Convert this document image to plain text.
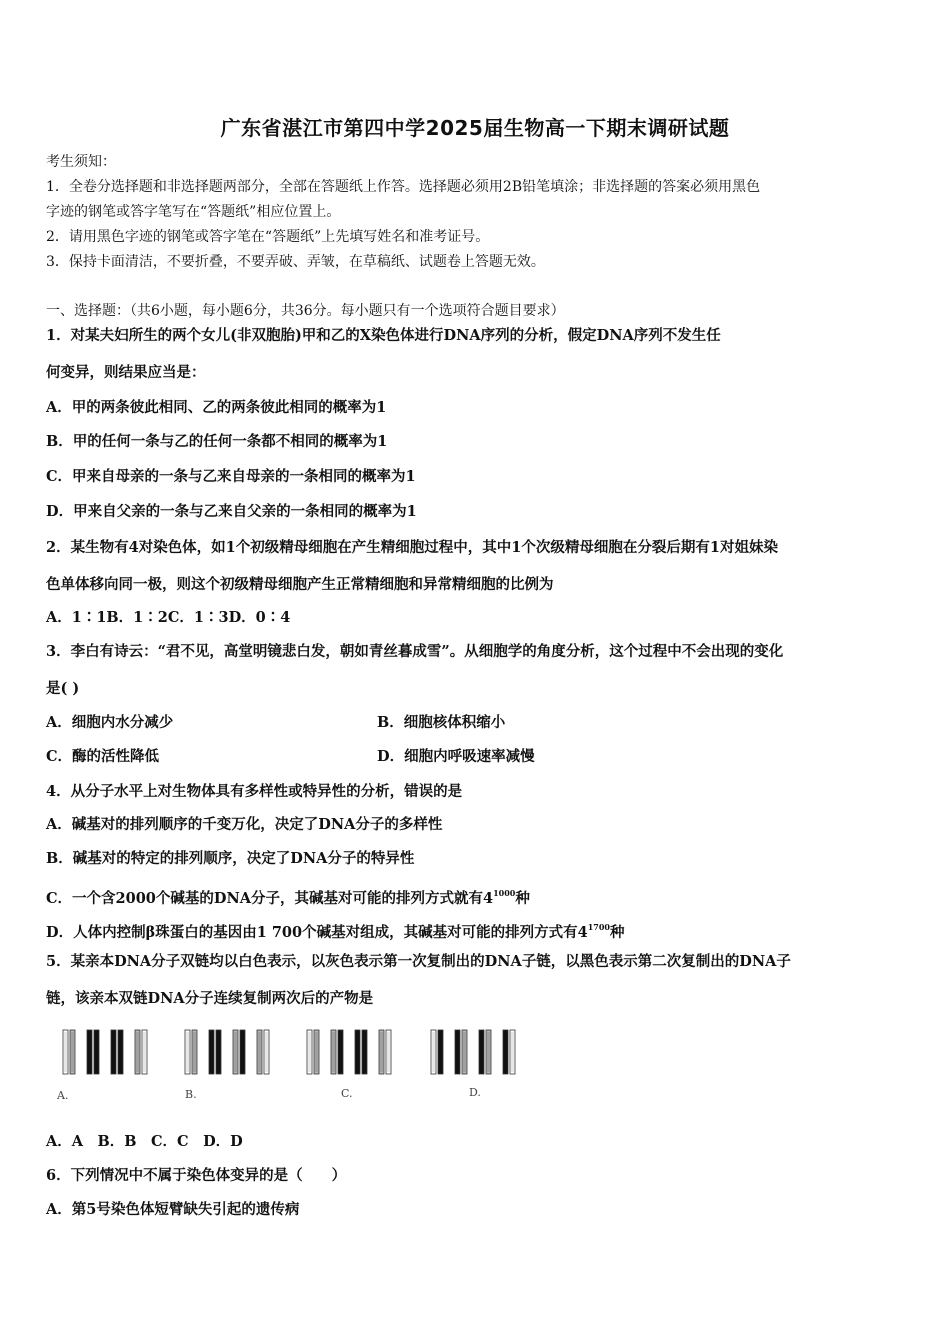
广东省湛江市第四中学2025届生物高一下期末调研试题
考生须知：
1．全卷分选择题和非选择题两部分，全部在答题纸上作答。选择题必须用2B铅笔填涂；非选择题的答案必须用黑色
字迹的钢笔或答字笔写在“答题纸”相应位置上。
2．请用黑色字迹的钢笔或答字笔在“答题纸”上先填写姓名和准考证号。
3．保持卡面清洁，不要折叠，不要弄破、弄皱，在草稿纸、试题卷上答题无效。
一、选择题：（共6小题，每小题6分，共36分。每小题只有一个选项符合题目要求）
1．对某夫妇所生的两个女儿(非双胞胎)甲和乙的X染色体进行DNA序列的分析，假定DNA序列不发生任
何变异，则结果应当是：
A．甲的两条彼此相同、乙的两条彼此相同的概率为1
B．甲的任何一条与乙的任何一条都不相同的概率为1
C．甲来自母亲的一条与乙来自母亲的一条相同的概率为1
D．甲来自父亲的一条与乙来自父亲的一条相同的概率为1
2．某生物有4对染色体，如1个初级精母细胞在产生精细胞过程中，其中1个次级精母细胞在分裂后期有1对姐妹染
色单体移向同一极，则这个初级精母细胞产生正常精细胞和异常精细胞的比例为
A．1∶1B．1∶2C．1∶3D．0∶4
3．李白有诗云：“君不见，高堂明镜悲白发，朝如青丝暮成雪”。从细胞学的角度分析，这个过程中不会出现的变化
是( )
A．细胞内水分减少	B．细胞核体积缩小
C．酶的活性降低	D．细胞内呼吸速率减慢
4．从分子水平上对生物体具有多样性或特异性的分析，错误的是
A．碱基对的排列顺序的千变万化，决定了DNA分子的多样性
B．碱基对的特定的排列顺序，决定了DNA分子的特异性
C．一个含2000个碱基的DNA分子，其碱基对可能的排列方式就有$4^{1000}$种
D．人体内控制β珠蛋白的基因由1 700个碱基对组成，其碱基对可能的排列方式有$4^{1700}$种
5．某亲本DNA分子双链均以白色表示，以灰色表示第一次复制出的DNA子链，以黑色表示第二次复制出的DNA子
链，该亲本双链DNA分子连续复制两次后的产物是
A.	B.	C.	D.
A．A　B．B　C．C　D．D
6．下列情况中不属于染色体变异的是（　　）
A．第5号染色体短臂缺失引起的遗传病
